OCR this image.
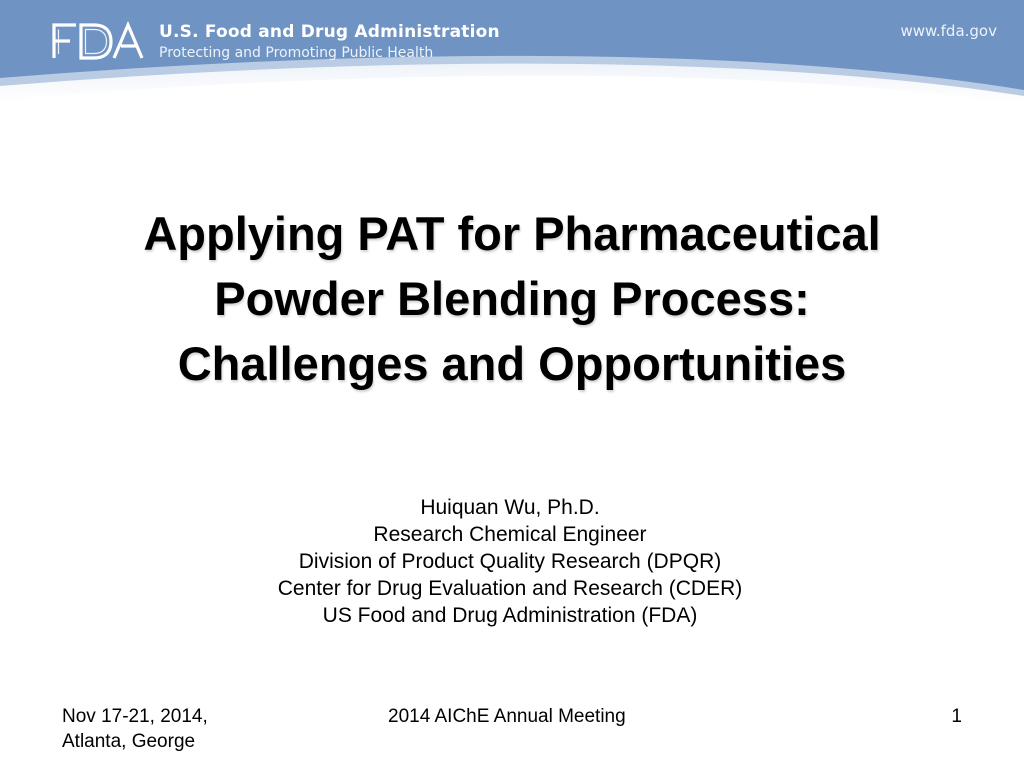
U.S. Food and Drug Administration
Protecting and Promoting Public Health
www.fda.gov
Applying PAT for Pharmaceutical
Powder Blending Process:
Challenges and Opportunities
Huiquan Wu, Ph.D.
Research Chemical Engineer
Division of Product Quality Research (DPQR)
Center for Drug Evaluation and Research (CDER)
US Food and Drug Administration (FDA)
Nov 17-21, 2014,
Atlanta, George
2014 AIChE Annual Meeting	1
